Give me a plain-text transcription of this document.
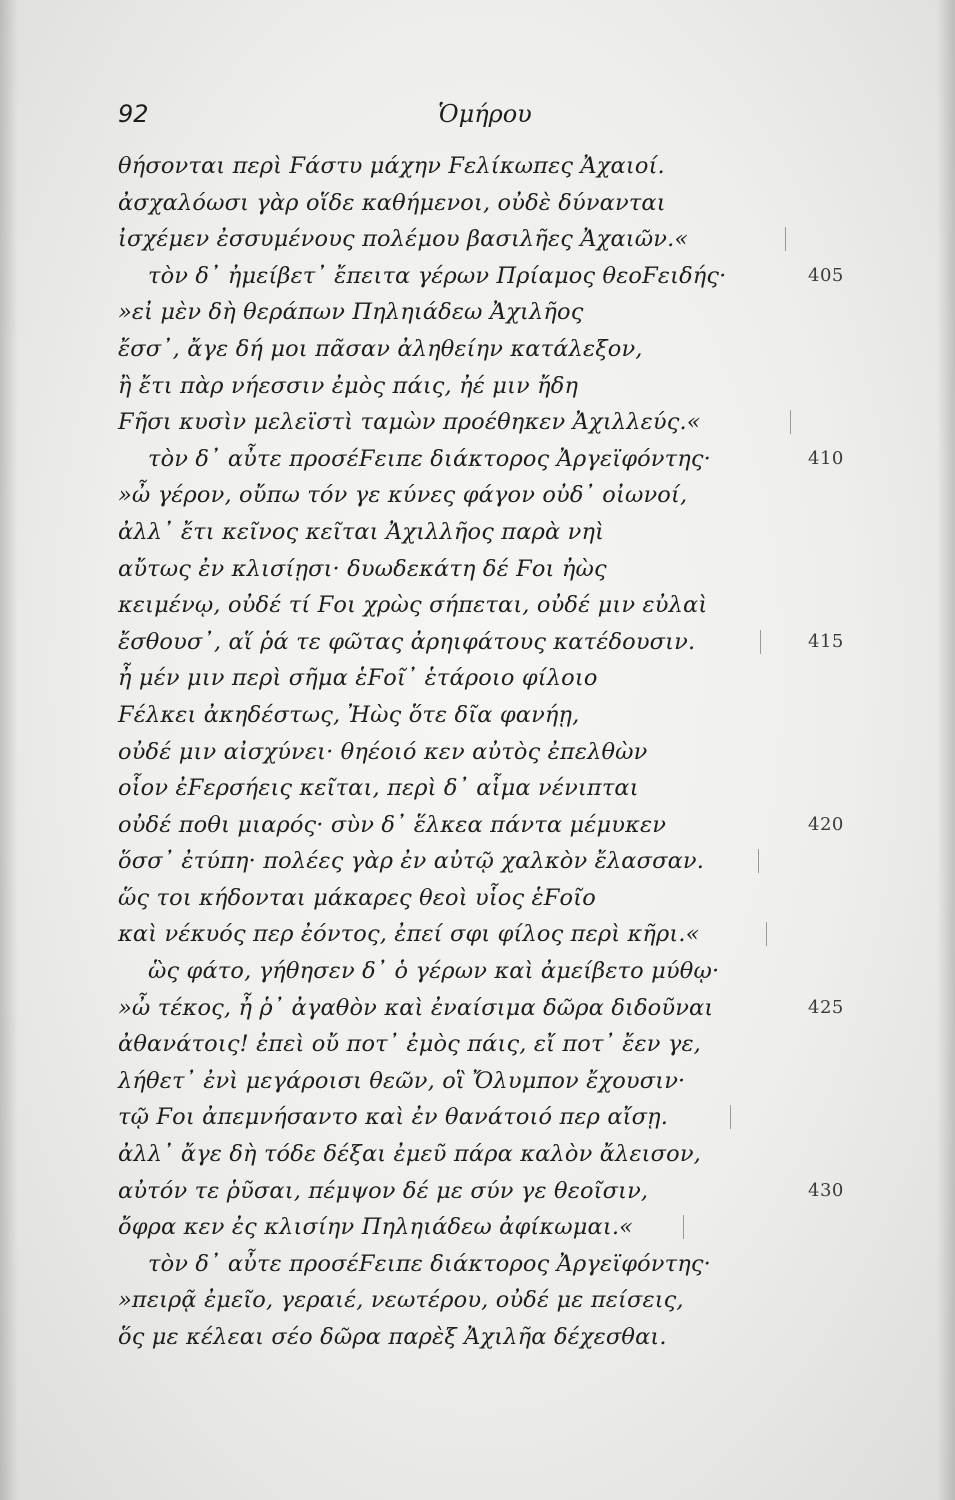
92	Ὁμήρου
θήσονται περὶ Ϝάστυ μάχην Ϝελίκωπες Ἀχαιοί.
ἀσχαλόωσι γὰρ οἵδε καθήμενοι, οὐδὲ δύνανται
ἰσχέμεν ἐσσυμένους πολέμου βασιλῆες Ἀχαιῶν.«
τὸν δ᾽ ἠμείβετ᾽ ἔπειτα γέρων Πρίαμος θεοϜειδής·	405
»εἰ μὲν δὴ θεράπων Πηληιάδεω Ἀχιλῆος
ἔσσ᾽, ἄγε δή μοι πᾶσαν ἀληθείην κατάλεξον,
ἢ ἔτι πὰρ νήεσσιν ἐμὸς πάις, ἠέ μιν ἤδη
Ϝῆσι κυσὶν μελεϊστὶ ταμὼν προέθηκεν Ἀχιλλεύς.«
τὸν δ᾽ αὖτε προσέϜειπε διάκτορος Ἀργεϊφόντης·	410
»ὦ γέρον, οὔπω τόν γε κύνες φάγον οὐδ᾽ οἰωνοί,
ἀλλ᾽ ἔτι κεῖνος κεῖται Ἀχιλλῆος παρὰ νηὶ
αὔτως ἐν κλισίῃσι· δυωδεκάτη δέ Ϝοι ἠὼς
κειμένῳ, οὐδέ τί Ϝοι χρὼς σήπεται, οὐδέ μιν εὐλαὶ
ἔσθουσ᾽, αἵ ῥά τε φῶτας ἀρηιφάτους κατέδουσιν.	415
ἦ μέν μιν περὶ σῆμα ἑϜοῖ᾽ ἑτάροιο φίλοιο
Ϝέλκει ἀκηδέστως, Ἠὼς ὅτε δῖα φανήῃ,
οὐδέ μιν αἰσχύνει· θηέοιό κεν αὐτὸς ἐπελθὼν
οἷον ἐϜερσήεις κεῖται, περὶ δ᾽ αἷμα νένιπται
οὐδέ ποθι μιαρός· σὺν δ᾽ ἕλκεα πάντα μέμυκεν	420
ὅσσ᾽ ἐτύπη· πολέες γὰρ ἐν αὐτῷ χαλκὸν ἔλασσαν.
ὥς τοι κήδονται μάκαρες θεοὶ υἷος ἑϜοῖο
καὶ νέκυός περ ἐόντος, ἐπεί σφι φίλος περὶ κῆρι.«
ὣς φάτο, γήθησεν δ᾽ ὁ γέρων καὶ ἀμείβετο μύθῳ·
»ὦ τέκος, ἦ ῥ᾽ ἀγαθὸν καὶ ἐναίσιμα δῶρα διδοῦναι	425
ἀθανάτοις! ἐπεὶ οὔ ποτ᾽ ἐμὸς πάις, εἴ ποτ᾽ ἔεν γε,
λήθετ᾽ ἐνὶ μεγάροισι θεῶν, οἳ Ὄλυμπον ἔχουσιν·
τῷ Ϝοι ἀπεμνήσαντο καὶ ἐν θανάτοιό περ αἴσῃ.
ἀλλ᾽ ἄγε δὴ τόδε δέξαι ἐμεῦ πάρα καλὸν ἄλεισον,
αὐτόν τε ῥῦσαι, πέμψον δέ με σύν γε θεοῖσιν,	430
ὄφρα κεν ἐς κλισίην Πηληιάδεω ἀφίκωμαι.«
τὸν δ᾽ αὖτε προσέϜειπε διάκτορος Ἀργεϊφόντης·
»πειρᾷ ἐμεῖο, γεραιέ, νεωτέρου, οὐδέ με πείσεις,
ὅς με κέλεαι σέο δῶρα παρὲξ Ἀχιλῆα δέχεσθαι.
